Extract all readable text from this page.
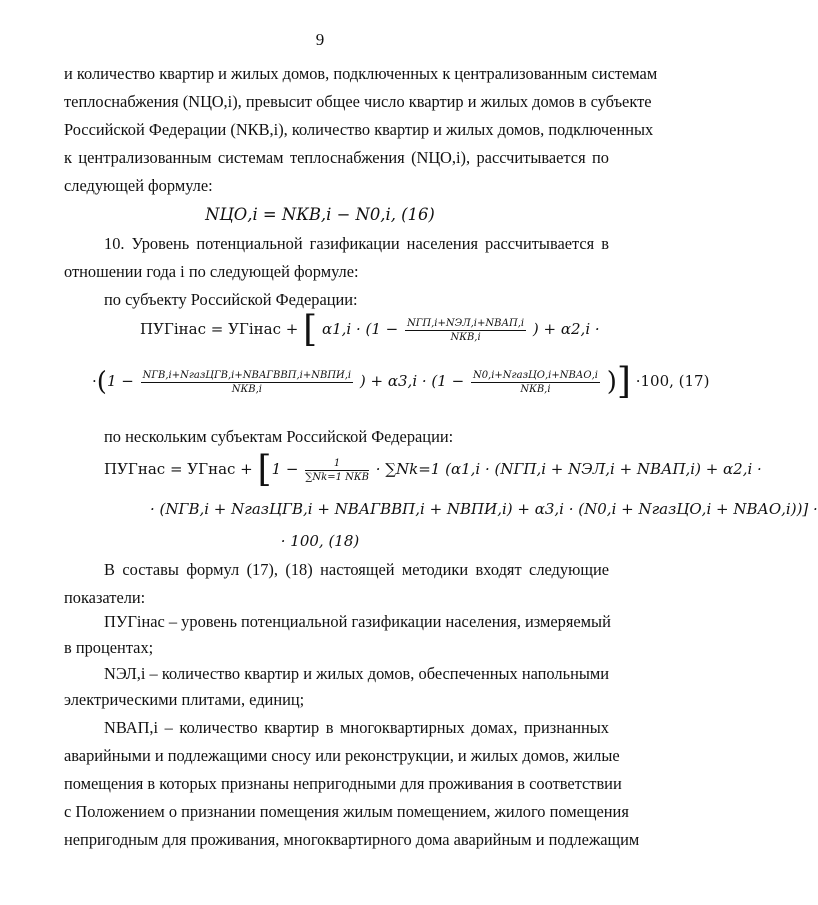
9
и количество квартир и жилых домов, подключенных к централизованным системам
теплоснабжения (NЦО,i), превысит общее число квартир и жилых домов в субъекте
Российской Федерации (NКВ,i), количество квартир и жилых домов, подключенных
к централизованным системам теплоснабжения (NЦО,i), рассчитывается по
следующей формуле:
NЦО,i = NКВ,i − N0,i, (16)
10. Уровень потенциальной газификации населения рассчитывается в
отношении года i по следующей формуле:
по субъекту Российской Федерации:
ПУГiнас = УГiнас + [ $\alpha 1,i \cdot (1 - \frac{\text{NГП,i+NЭЛ,i+NВАП,i}}{\text{NКВ,i}}$ ) + α2,i ·
$\cdot(1 - \frac{\text{NГВ,i+NгазЦГВ,i+NВАГВВП,i+NВПИ,i}}{\text{NКВ,i}}$ ) + $\alpha 3,i \cdot (1 - \frac{\text{N0,i+NгазЦО,i+NВАО,i}}{\text{NКВ,i}}$ )] ·100, (17)
по нескольким субъектам Российской Федерации:
ПУГнас = УГнас + [$1 - \frac{1}{\text{∑Nk=1 NКВ}} \cdot \sum Nk=1$ (α1,i · (NГП,i + NЭЛ,i + NВАП,i) + α2,i ·
· (NГВ,i + NгазЦГВ,i + NВАГВВП,i + NВПИ,i) + α3,i · (N0,i + NгазЦО,i + NВАО,i))] ·
· 100, (18)
В составы формул (17), (18) настоящей методики входят следующие
показатели:
ПУГiнас – уровень потенциальной газификации населения, измеряемый
в процентах;
NЭЛ,i – количество квартир и жилых домов, обеспеченных напольными
электрическими плитами, единиц;
NВАП,i – количество квартир в многоквартирных домах, признанных
аварийными и подлежащими сносу или реконструкции, и жилых домов, жилые
помещения в которых признаны непригодными для проживания в соответствии
с Положением о признании помещения жилым помещением, жилого помещения
непригодным для проживания, многоквартирного дома аварийным и подлежащим
